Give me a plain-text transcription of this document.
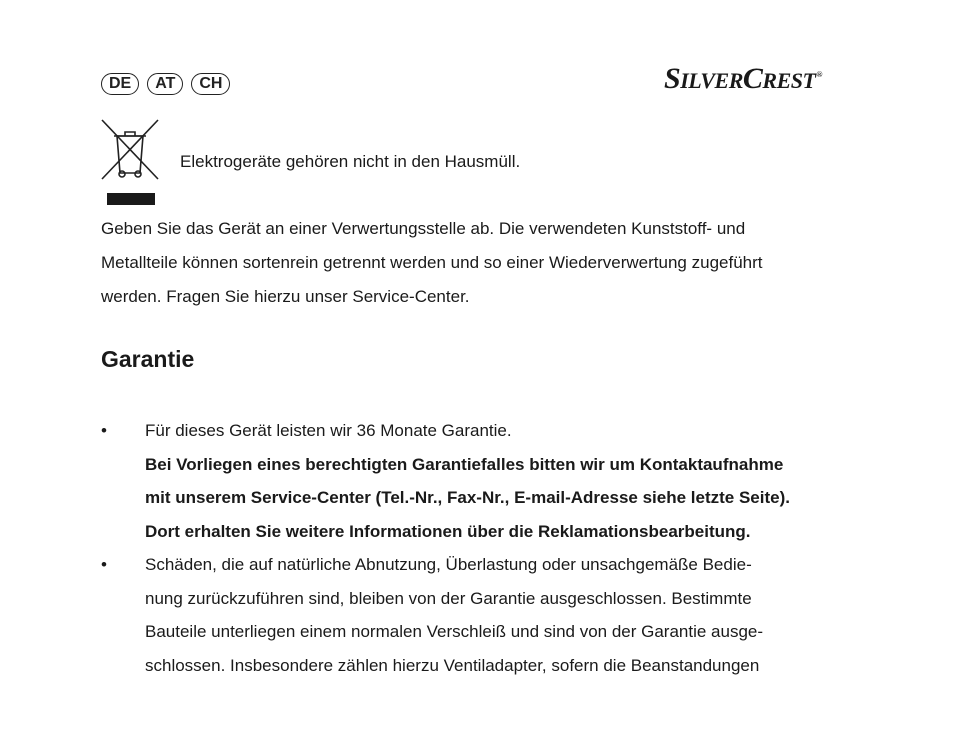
DE	AT	CH	SILVERCREST®
Elektrogeräte gehören nicht in den Hausmüll.

Geben Sie das Gerät an einer Verwertungsstelle ab. Die verwendeten Kunststoff- und
Metallteile können sortenrein getrennt werden und so einer Wiederverwertung zugeführt
werden. Fragen Sie hierzu unser Service-Center.

Garantie
• Für dieses Gerät leisten wir 36 Monate Garantie.
Bei Vorliegen eines berechtigten Garantiefalles bitten wir um Kontaktaufnahme
mit unserem Service-Center (Tel.-Nr., Fax-Nr., E-mail-Adresse siehe letzte Seite).
Dort erhalten Sie weitere Informationen über die Reklamationsbearbeitung.
• Schäden, die auf natürliche Abnutzung, Überlastung oder unsachgemäße Bedie-
nung zurückzuführen sind, bleiben von der Garantie ausgeschlossen. Bestimmte
Bauteile unterliegen einem normalen Verschleiß und sind von der Garantie ausge-
schlossen. Insbesondere zählen hierzu Ventiladapter, sofern die Beanstandungen
